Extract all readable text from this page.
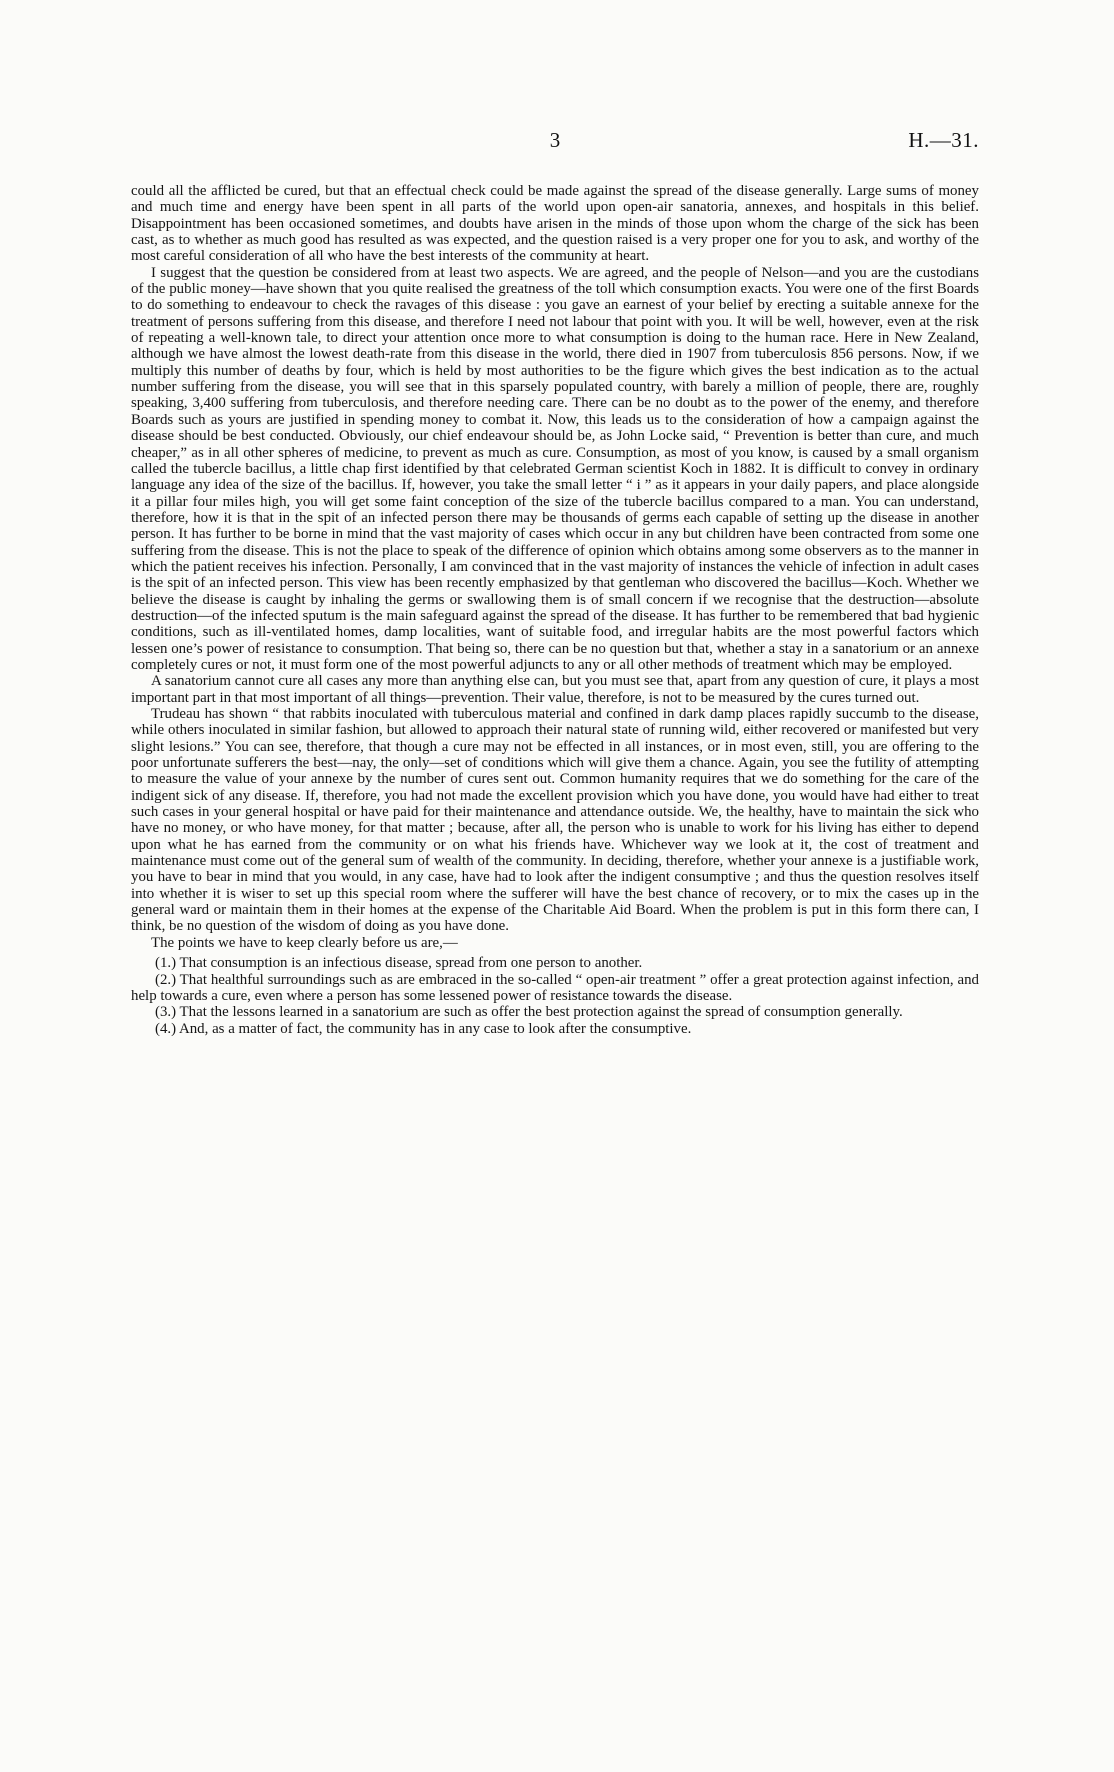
3	H.—31.

could all the afflicted be cured, but that an effectual check could be made against the spread of the disease generally. Large sums of money and much time and energy have been spent in all parts of the world upon open-air sanatoria, annexes, and hospitals in this belief. Disappointment has been occasioned sometimes, and doubts have arisen in the minds of those upon whom the charge of the sick has been cast, as to whether as much good has resulted as was expected, and the question raised is a very proper one for you to ask, and worthy of the most careful consideration of all who have the best interests of the community at heart.

I suggest that the question be considered from at least two aspects. We are agreed, and the people of Nelson—and you are the custodians of the public money—have shown that you quite realised the greatness of the toll which consumption exacts. You were one of the first Boards to do something to endeavour to check the ravages of this disease : you gave an earnest of your belief by erecting a suitable annexe for the treatment of persons suffering from this disease, and therefore I need not labour that point with you. It will be well, however, even at the risk of repeating a well-known tale, to direct your attention once more to what consumption is doing to the human race. Here in New Zealand, although we have almost the lowest death-rate from this disease in the world, there died in 1907 from tuberculosis 856 persons. Now, if we multiply this number of deaths by four, which is held by most authorities to be the figure which gives the best indication as to the actual number suffering from the disease, you will see that in this sparsely populated country, with barely a million of people, there are, roughly speaking, 3,400 suffering from tuberculosis, and therefore needing care. There can be no doubt as to the power of the enemy, and therefore Boards such as yours are justified in spending money to combat it. Now, this leads us to the consideration of how a campaign against the disease should be best conducted. Obviously, our chief endeavour should be, as John Locke said, “ Prevention is better than cure, and much cheaper,” as in all other spheres of medicine, to prevent as much as cure. Consumption, as most of you know, is caused by a small organism called the tubercle bacillus, a little chap first identified by that celebrated German scientist Koch in 1882. It is difficult to convey in ordinary language any idea of the size of the bacillus. If, however, you take the small letter “ i ” as it appears in your daily papers, and place alongside it a pillar four miles high, you will get some faint conception of the size of the tubercle bacillus compared to a man. You can understand, therefore, how it is that in the spit of an infected person there may be thousands of germs each capable of setting up the disease in another person. It has further to be borne in mind that the vast majority of cases which occur in any but children have been contracted from some one suffering from the disease. This is not the place to speak of the difference of opinion which obtains among some observers as to the manner in which the patient receives his infection. Personally, I am convinced that in the vast majority of instances the vehicle of infection in adult cases is the spit of an infected person. This view has been recently emphasized by that gentleman who discovered the bacillus—Koch. Whether we believe the disease is caught by inhaling the germs or swallowing them is of small concern if we recognise that the destruction—absolute destruction—of the infected sputum is the main safeguard against the spread of the disease. It has further to be remembered that bad hygienic conditions, such as ill-ventilated homes, damp localities, want of suitable food, and irregular habits are the most powerful factors which lessen one’s power of resistance to consumption. That being so, there can be no question but that, whether a stay in a sanatorium or an annexe completely cures or not, it must form one of the most powerful adjuncts to any or all other methods of treatment which may be employed.

A sanatorium cannot cure all cases any more than anything else can, but you must see that, apart from any question of cure, it plays a most important part in that most important of all things—prevention. Their value, therefore, is not to be measured by the cures turned out.

Trudeau has shown “ that rabbits inoculated with tuberculous material and confined in dark damp places rapidly succumb to the disease, while others inoculated in similar fashion, but allowed to approach their natural state of running wild, either recovered or manifested but very slight lesions.” You can see, therefore, that though a cure may not be effected in all instances, or in most even, still, you are offering to the poor unfortunate sufferers the best—nay, the only—set of conditions which will give them a chance. Again, you see the futility of attempting to measure the value of your annexe by the number of cures sent out. Common humanity requires that we do something for the care of the indigent sick of any disease. If, therefore, you had not made the excellent provision which you have done, you would have had either to treat such cases in your general hospital or have paid for their maintenance and attendance outside. We, the healthy, have to maintain the sick who have no money, or who have money, for that matter ; because, after all, the person who is unable to work for his living has either to depend upon what he has earned from the community or on what his friends have. Whichever way we look at it, the cost of treatment and maintenance must come out of the general sum of wealth of the community. In deciding, therefore, whether your annexe is a justifiable work, you have to bear in mind that you would, in any case, have had to look after the indigent consumptive ; and thus the question resolves itself into whether it is wiser to set up this special room where the sufferer will have the best chance of recovery, or to mix the cases up in the general ward or maintain them in their homes at the expense of the Charitable Aid Board. When the problem is put in this form there can, I think, be no question of the wisdom of doing as you have done.

The points we have to keep clearly before us are,—

(1.) That consumption is an infectious disease, spread from one person to another.

(2.) That healthful surroundings such as are embraced in the so-called “ open-air treatment ” offer a great protection against infection, and help towards a cure, even where a person has some lessened power of resistance towards the disease.

(3.) That the lessons learned in a sanatorium are such as offer the best protection against the spread of consumption generally.

(4.) And, as a matter of fact, the community has in any case to look after the consumptive.
